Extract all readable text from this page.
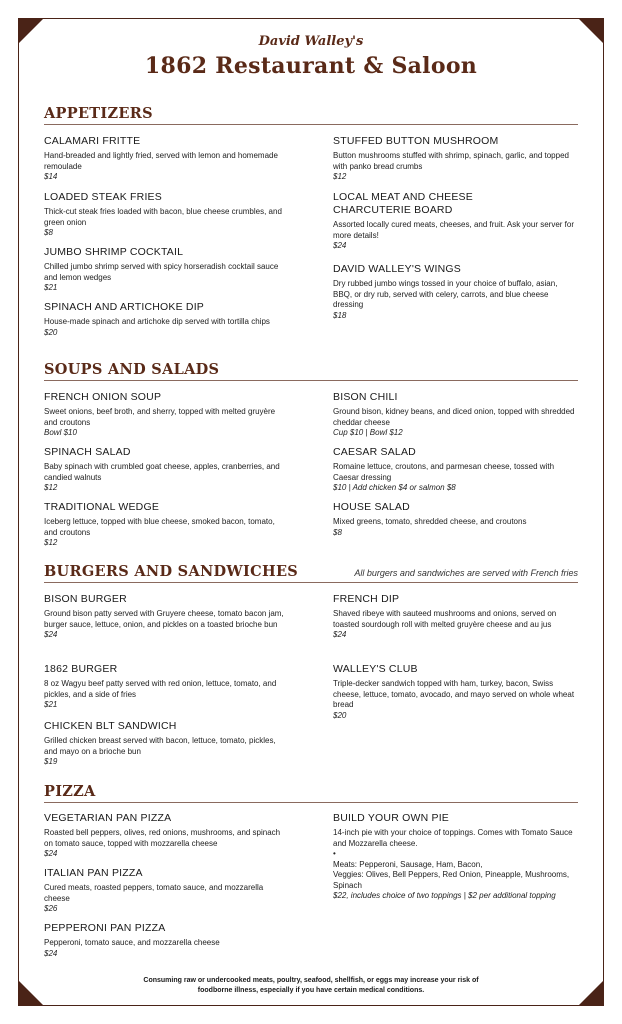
David Walley's
1862 Restaurant & Saloon
APPETIZERS
CALAMARI FRITTE
Hand-breaded and lightly fried, served with lemon and homemade remoulade
$14
LOADED STEAK FRIES
Thick-cut steak fries loaded with bacon, blue cheese crumbles, and green onion
$8
JUMBO SHRIMP COCKTAIL
Chilled jumbo shrimp served with spicy horseradish cocktail sauce and lemon wedges
$21
SPINACH AND ARTICHOKE DIP
House-made spinach and artichoke dip served with tortilla chips
$20
STUFFED BUTTON MUSHROOM
Button mushrooms stuffed with shrimp, spinach, garlic, and topped with panko bread crumbs
$12
LOCAL MEAT AND CHEESE CHARCUTERIE BOARD
Assorted locally cured meats, cheeses, and fruit. Ask your server for more details!
$24
DAVID WALLEY'S WINGS
Dry rubbed jumbo wings tossed in your choice of buffalo, asian, BBQ, or dry rub, served with celery, carrots, and blue cheese dressing
$18
SOUPS AND SALADS
FRENCH ONION SOUP
Sweet onions, beef broth, and sherry, topped with melted gruyère and croutons
Bowl $10
SPINACH SALAD
Baby spinach with crumbled goat cheese, apples, cranberries, and candied walnuts
$12
TRADITIONAL WEDGE
Iceberg lettuce, topped with blue cheese, smoked bacon, tomato, and croutons
$12
BISON CHILI
Ground bison, kidney beans, and diced onion, topped with shredded cheddar cheese
Cup $10 | Bowl $12
CAESAR SALAD
Romaine lettuce, croutons, and parmesan cheese, tossed with Caesar dressing
$10 | Add chicken $4 or salmon $8
HOUSE SALAD
Mixed greens, tomato, shredded cheese, and croutons
$8
BURGERS AND SANDWICHES	All burgers and sandwiches are served with French fries
BISON BURGER
Ground bison patty served with Gruyere cheese, tomato bacon jam, burger sauce, lettuce, onion, and pickles on a toasted brioche bun
$24
1862 BURGER
8 oz Wagyu beef patty served with red onion, lettuce, tomato, and pickles, and a side of fries
$21
CHICKEN BLT SANDWICH
Grilled chicken breast served with bacon, lettuce, tomato, pickles, and mayo on a brioche bun
$19
FRENCH DIP
Shaved ribeye with sauteed mushrooms and onions, served on toasted sourdough roll with melted gruyère cheese and au jus
$24
WALLEY'S CLUB
Triple-decker sandwich topped with ham, turkey, bacon, Swiss cheese, lettuce, tomato, avocado, and mayo served on whole wheat bread
$20
PIZZA
VEGETARIAN PAN PIZZA
Roasted bell peppers, olives, red onions, mushrooms, and spinach on tomato sauce, topped with mozzarella cheese
$24
ITALIAN PAN PIZZA
Cured meats, roasted peppers, tomato sauce, and mozzarella cheese
$26
PEPPERONI PAN PIZZA
Pepperoni, tomato sauce, and mozzarella cheese
$24
BUILD YOUR OWN PIE
14-inch pie with your choice of toppings. Comes with Tomato Sauce and Mozzarella cheese.
•
Meats: Pepperoni, Sausage, Ham, Bacon,
Veggies: Olives, Bell Peppers, Red Onion, Pineapple, Mushrooms, Spinach
$22, includes choice of two toppings | $2 per additional topping
Consuming raw or undercooked meats, poultry, seafood, shellfish, or eggs may increase your risk of
foodborne illness, especially if you have certain medical conditions.
